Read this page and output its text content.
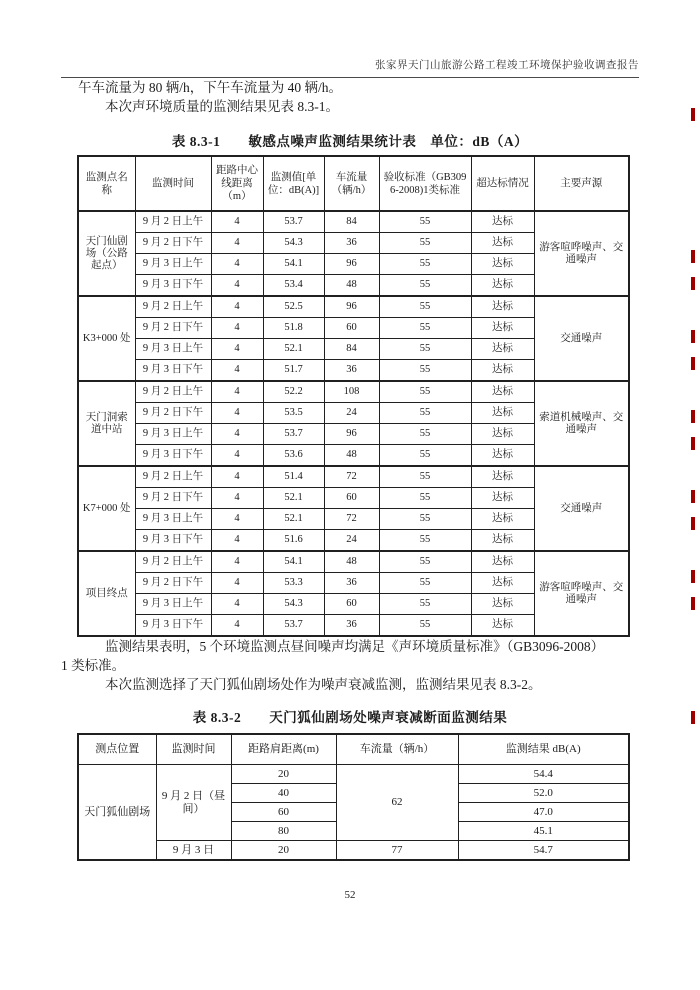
张家界天门山旅游公路工程竣工环境保护验收调查报告

午车流量为 80 辆/h，下午车流量为 40 辆/h。

本次声环境质量的监测结果见表 8.3-1。

表 8.3-1　　敏感点噪声监测结果统计表　单位：dB（A）
监测点名称	监测时间	距路中心线距离（m）	监测值[单位：dB(A)]	车流量（辆/h）	验收标准（GB3096-2008)1类标准	超达标情况	主要声源
天门仙剧场（公路起点）	9 月 2 日上午	4	53.7	84	55	达标	游客喧哗噪声、交通噪声
	9 月 2 日下午	4	54.3	36	55	达标	
	9 月 3 日上午	4	54.1	96	55	达标	
	9 月 3 日下午	4	53.4	48	55	达标	
K3+000 处	9 月 2 日上午	4	52.5	96	55	达标	交通噪声
	9 月 2 日下午	4	51.8	60	55	达标	
	9 月 3 日上午	4	52.1	84	55	达标	
	9 月 3 日下午	4	51.7	36	55	达标	
天门洞索道中站	9 月 2 日上午	4	52.2	108	55	达标	索道机械噪声、交通噪声
	9 月 2 日下午	4	53.5	24	55	达标	
	9 月 3 日上午	4	53.7	96	55	达标	
	9 月 3 日下午	4	53.6	48	55	达标	
K7+000 处	9 月 2 日上午	4	51.4	72	55	达标	交通噪声
	9 月 2 日下午	4	52.1	60	55	达标	
	9 月 3 日上午	4	52.1	72	55	达标	
	9 月 3 日下午	4	51.6	24	55	达标	
项目终点	9 月 2 日上午	4	54.1	48	55	达标	游客喧哗噪声、交通噪声
	9 月 2 日下午	4	53.3	36	55	达标	
	9 月 3 日上午	4	54.3	60	55	达标	
	9 月 3 日下午	4	53.7	36	55	达标	

监测结果表明，5 个环境监测点昼间噪声均满足《声环境质量标准》（GB3096-2008）

1 类标准。

本次监测选择了天门狐仙剧场处作为噪声衰减监测，监测结果见表 8.3-2。

表 8.3-2　　天门狐仙剧场处噪声衰减断面监测结果
测点位置	监测时间	距路肩距离(m)	车流量（辆/h）	监测结果 dB(A)
天门狐仙剧场	9 月 2 日（昼间）	20	62	54.4
		40		52.0
		60		47.0
		80		45.1
	9 月 3 日	20	77	54.7
52
